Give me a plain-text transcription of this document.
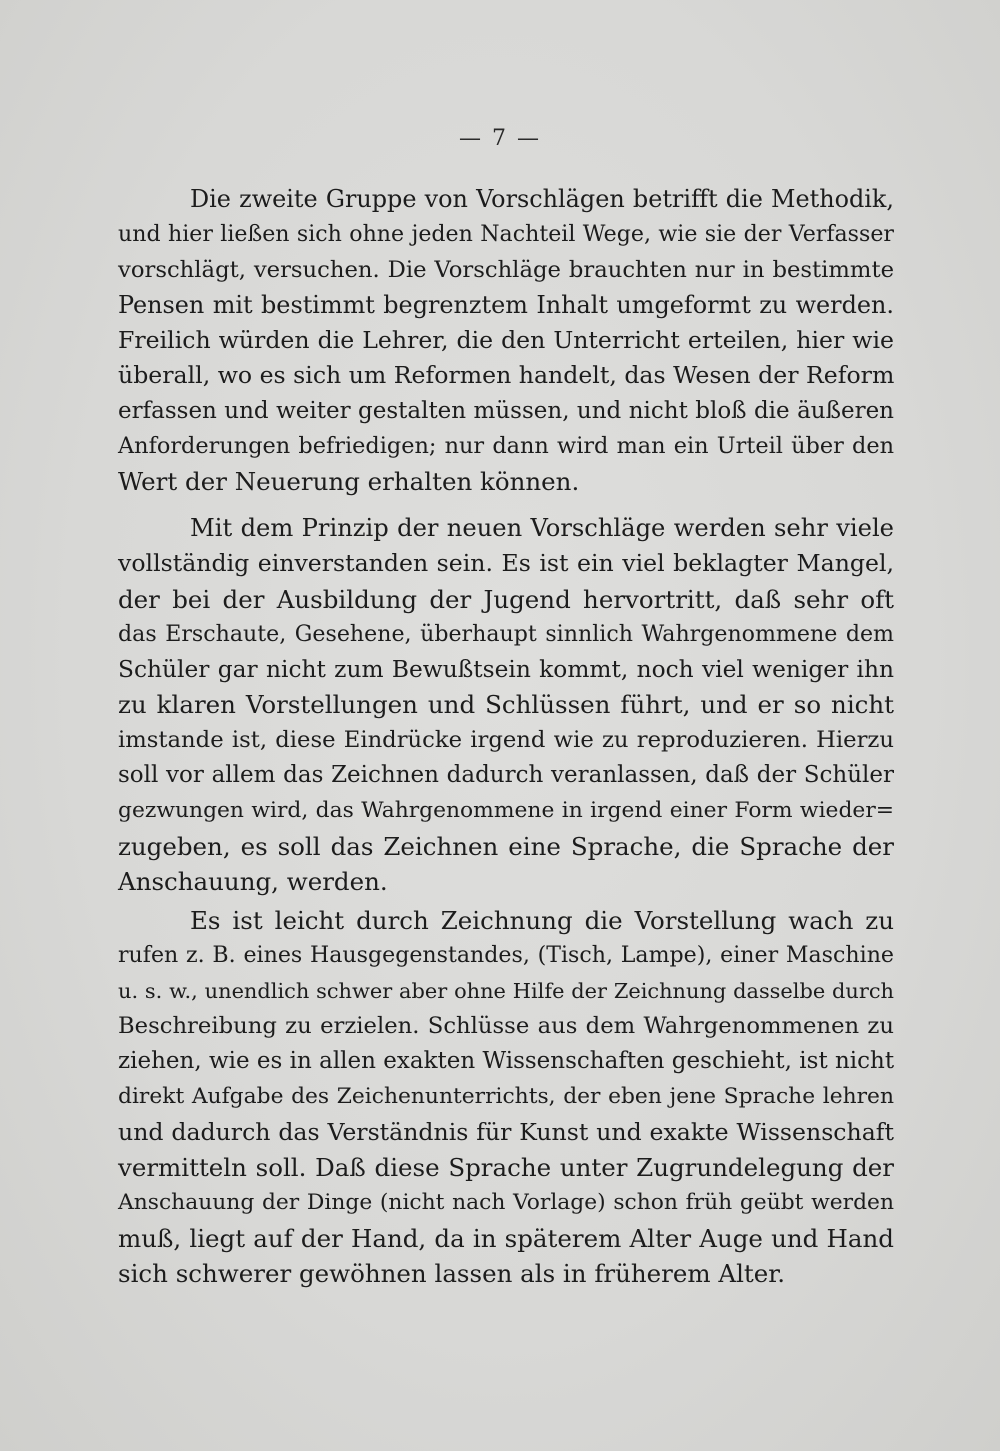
— 7 —
Die zweite Gruppe von Vorschlägen betrifft die Methodik,
und hier ließen sich ohne jeden Nachteil Wege, wie sie der Verfasser
vorschlägt, versuchen. Die Vorschläge brauchten nur in bestimmte
Pensen mit bestimmt begrenztem Inhalt umgeformt zu werden.
Freilich würden die Lehrer, die den Unterricht erteilen, hier wie
überall, wo es sich um Reformen handelt, das Wesen der Reform
erfassen und weiter gestalten müssen, und nicht bloß die äußeren
Anforderungen befriedigen; nur dann wird man ein Urteil über den
Wert der Neuerung erhalten können.
Mit dem Prinzip der neuen Vorschläge werden sehr viele
vollständig einverstanden sein. Es ist ein viel beklagter Mangel,
der bei der Ausbildung der Jugend hervortritt, daß sehr oft
das Erschaute, Gesehene, überhaupt sinnlich Wahrgenommene dem
Schüler gar nicht zum Bewußtsein kommt, noch viel weniger ihn
zu klaren Vorstellungen und Schlüssen führt, und er so nicht
imstande ist, diese Eindrücke irgend wie zu reproduzieren. Hierzu
soll vor allem das Zeichnen dadurch veranlassen, daß der Schüler
gezwungen wird, das Wahrgenommene in irgend einer Form wieder=
zugeben, es soll das Zeichnen eine Sprache, die Sprache der
Anschauung, werden.
Es ist leicht durch Zeichnung die Vorstellung wach zu
rufen z. B. eines Hausgegenstandes, (Tisch, Lampe), einer Maschine
u. s. w., unendlich schwer aber ohne Hilfe der Zeichnung dasselbe durch
Beschreibung zu erzielen. Schlüsse aus dem Wahrgenommenen zu
ziehen, wie es in allen exakten Wissenschaften geschieht, ist nicht
direkt Aufgabe des Zeichenunterrichts, der eben jene Sprache lehren
und dadurch das Verständnis für Kunst und exakte Wissenschaft
vermitteln soll. Daß diese Sprache unter Zugrundelegung der
Anschauung der Dinge (nicht nach Vorlage) schon früh geübt werden
muß, liegt auf der Hand, da in späterem Alter Auge und Hand
sich schwerer gewöhnen lassen als in früherem Alter.
